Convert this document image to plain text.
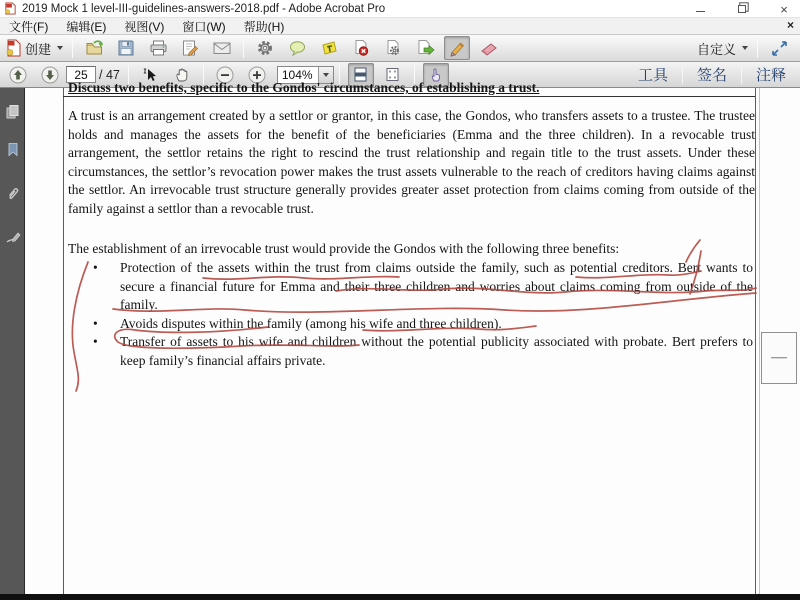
2019 Mock 1 level-III-guidelines-answers-2018.pdf - Adobe Acrobat Pro	×
文件(F)	编辑(E)	视图(V)	窗口(W)	帮助(H)	×
创建	自定义
25
/ 47
104%	工具	签名	注释
Discuss two benefits, specific to the Gondos' circumstances, of establishing a trust.
A trust is an arrangement created by a settlor or grantor, in this case, the Gondos, who transfers assets to a trustee. The trustee holds and manages the assets for the benefit of the beneficiaries (Emma and the three children). In a revocable trust arrangement, the settlor retains the right to rescind the trust relationship and regain title to the trust assets. Under these circumstances, the settlor’s revocation power makes the trust assets vulnerable to the reach of creditors having claims against the settlor. An irrevocable trust structure generally provides greater asset protection from claims coming from outside of the family against a settlor than a revocable trust.
The establishment of an irrevocable trust would provide the Gondos with the following three benefits:
•	Protection of the assets within the trust from claims outside the family, such as potential creditors. Bert wants to secure a financial future for Emma and their three children and worries about claims coming from outside of the family.
•	Avoids disputes within the family (among his wife and three children).
•	Transfer of assets to his wife and children without the potential publicity associated with probate. Bert prefers to keep family’s financial affairs private.
